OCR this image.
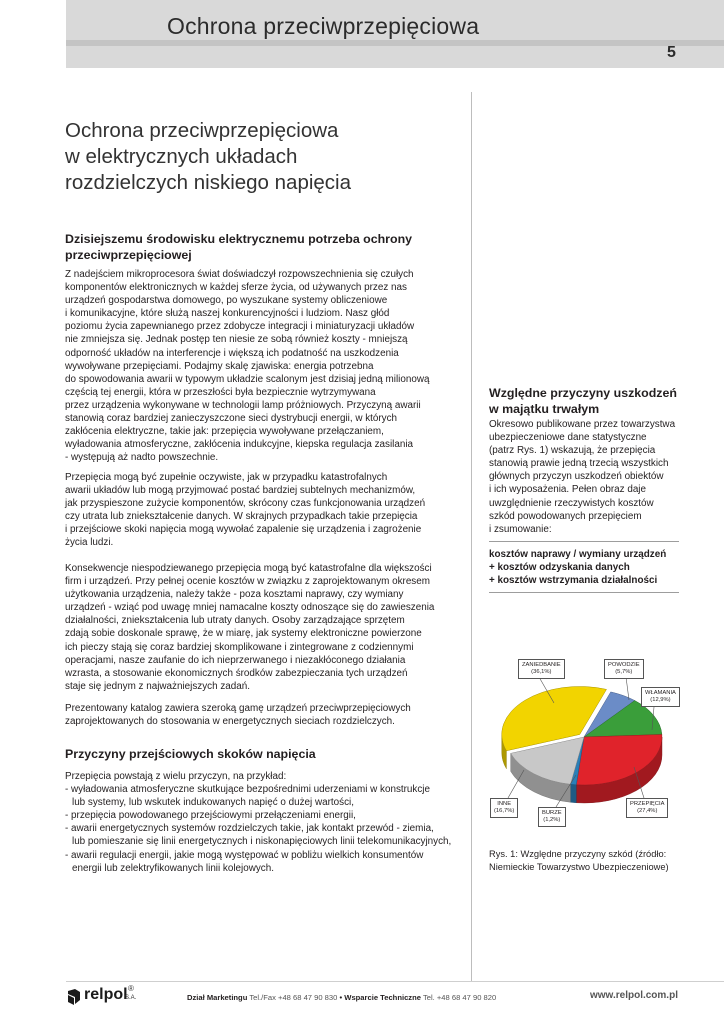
Ochrona przeciwprzepięciowa
5
Ochrona przeciwprzepięciowa
w elektrycznych układach
rozdzielczych niskiego napięcia
Dzisiejszemu środowisku elektrycznemu potrzeba ochrony
przeciwprzepięciowej
Z nadejściem mikroprocesora świat doświadczył rozpowszechnienia się czułych
komponentów elektronicznych w każdej sferze życia, od używanych przez nas
urządzeń gospodarstwa domowego, po wyszukane systemy obliczeniowe
i komunikacyjne, które służą naszej konkurencyjności i ludziom. Nasz głód
poziomu życia zapewnianego przez zdobycze integracji i miniaturyzacji układów
nie zmniejsza się. Jednak postęp ten niesie ze sobą również koszty - mniejszą
odporność układów na interferencje i większą ich podatność na uszkodzenia
wywoływane przepięciami. Podajmy skalę zjawiska: energia potrzebna
do spowodowania awarii w typowym układzie scalonym jest dzisiaj jedną milionową
częścią tej energii, która w przeszłości była bezpiecznie wytrzymywana
przez urządzenia wykonywane w technologii lamp próżniowych. Przyczyną awarii
stanowią coraz bardziej zanieczyszczone sieci dystrybucji energii, w których
zakłócenia elektryczne, takie jak: przepięcia wywoływane przełączaniem,
wyładowania atmosferyczne, zakłócenia indukcyjne, kiepska regulacja zasilania
- występują aż nadto powszechnie.
Przepięcia mogą być zupełnie oczywiste, jak w przypadku katastrofalnych
awarii układów lub mogą przyjmować postać bardziej subtelnych mechanizmów,
jak przyspieszone zużycie komponentów, skrócony czas funkcjonowania urządzeń
czy utrata lub zniekształcenie danych. W skrajnych przypadkach takie przepięcia
i przejściowe skoki napięcia mogą wywołać zapalenie się urządzenia i zagrożenie
życia ludzi.
Konsekwencje niespodziewanego przepięcia mogą być katastrofalne dla większości
firm i urządzeń. Przy pełnej ocenie kosztów w związku z zaprojektowanym okresem
użytkowania urządzenia, należy także - poza kosztami naprawy, czy wymiany
urządzeń - wziąć pod uwagę mniej namacalne koszty odnoszące się do zawieszenia
działalności, zniekształcenia lub utraty danych. Osoby zarządzające sprzętem
zdają sobie doskonale sprawę, że w miarę, jak systemy elektroniczne powierzone
ich pieczy stają się coraz bardziej skomplikowane i zintegrowane z codziennymi
operacjami, nasze zaufanie do ich nieprzerwanego i niezakłóconego działania
wzrasta, a stosowanie ekonomicznych środków zabezpieczania tych urządzeń
staje się jednym z najważniejszych zadań.
Prezentowany katalog zawiera szeroką gamę urządzeń przeciwprzepięciowych
zaprojektowanych do stosowania w energetycznych sieciach rozdzielczych.
Przyczyny przejściowych skoków napięcia
Przepięcia powstają z wielu przyczyn, na przykład:
- wyładowania atmosferyczne skutkujące bezpośrednimi uderzeniami w konstrukcje
lub systemy, lub wskutek indukowanych napięć o dużej wartości,
- przepięcia powodowanego przejściowymi przełączeniami energii,
- awarii energetycznych systemów rozdzielczych takie, jak kontakt przewód - ziemia,
lub pomieszanie się linii energetycznych i niskonapięciowych linii telekomunikacyjnych,
- awarii regulacji energii, jakie mogą występować w pobliżu wielkich konsumentów
energii lub zelektryfikowanych linii kolejowych.
Względne przyczyny uszkodzeń
w majątku trwałym
Okresowo publikowane przez towarzystwa
ubezpieczeniowe dane statystyczne
(patrz Rys. 1) wskazują, że przepięcia
stanowią prawie jedną trzecią wszystkich
głównych przyczyn uszkodzeń obiektów
i ich wyposażenia. Pełen obraz daje
uwzględnienie rzeczywistych kosztów
szkód powodowanych przepięciem
i zsumowanie:
kosztów naprawy / wymiany urządzeń
+ kosztów odzyskania danych
+ kosztów wstrzymania działalności
ZANIEDBANIE
(36,1%)
POWODZIE
(5,7%)
WŁAMANIA
(12,9%)
PRZEPIĘCIA
(27,4%)
BURZE
(1,2%)
INNE
(16,7%)
Rys. 1: Względne przyczyny szkód (źródło:
Niemieckie Towarzystwo Ubezpieczeniowe)
relpol ®
S.A.	Dział Marketingu Tel./Fax +48 68 47 90 830 • Wsparcie Techniczne Tel. +48 68 47 90 820	www.relpol.com.pl
